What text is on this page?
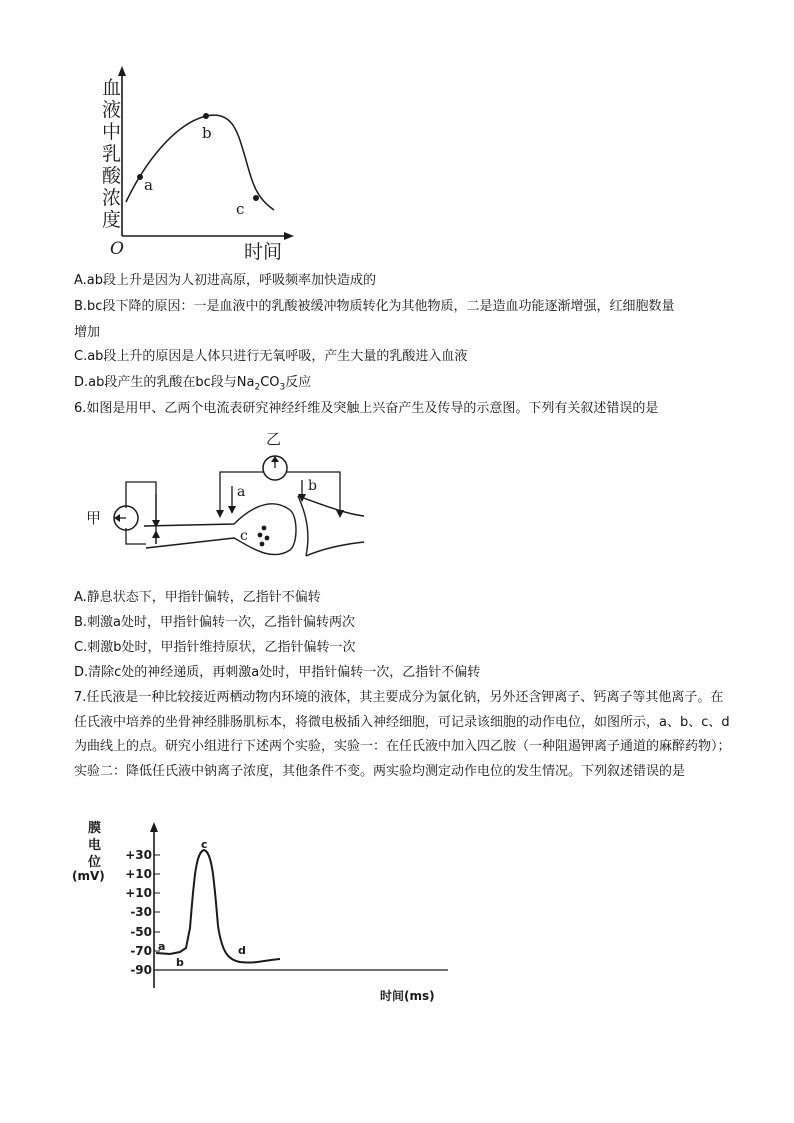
血
液
中
乳
酸
浓
度
O	时间
a
b
c
A.ab段上升是因为人初进高原，呼吸频率加快造成的
B.bc段下降的原因：一是血液中的乳酸被缓冲物质转化为其他物质，二是造血功能逐渐增强，红细胞数量
增加
C.ab段上升的原因是人体只进行无氧呼吸，产生大量的乳酸进入血液
D.ab段产生的乳酸在bc段与$Na_2CO_3$反应
6.如图是用甲、乙两个电流表研究神经纤维及突触上兴奋产生及传导的示意图。下列有关叙述错误的是
甲
c
乙
a	b
A.静息状态下，甲指针偏转，乙指针不偏转
B.刺激a处时，甲指针偏转一次，乙指针偏转两次
C.刺激b处时，甲指针维持原状，乙指针偏转一次
D.清除c处的神经递质，再刺激a处时，甲指针偏转一次，乙指针不偏转
7.任氏液是一种比较接近两栖动物内环境的液体，其主要成分为氯化钠，另外还含钾离子、钙离子等其他离子。在任氏液中培养的坐骨神经腓肠肌标本，将微电极插入神经细胞，可记录该细胞的动作电位，如图所示，a、b、c、d为曲线上的点。研究小组进行下述两个实验，实验一：在任氏液中加入四乙胺（一种阻遏钾离子通道的麻醉药物）；实验二：降低任氏液中钠离子浓度，其他条件不变。两实验均测定动作电位的发生情况。下列叙述错误的是
膜
电
位 +30
(mV) +10
+10
-30
-50
-70
-90
a
b
c
d
时间(ms)
